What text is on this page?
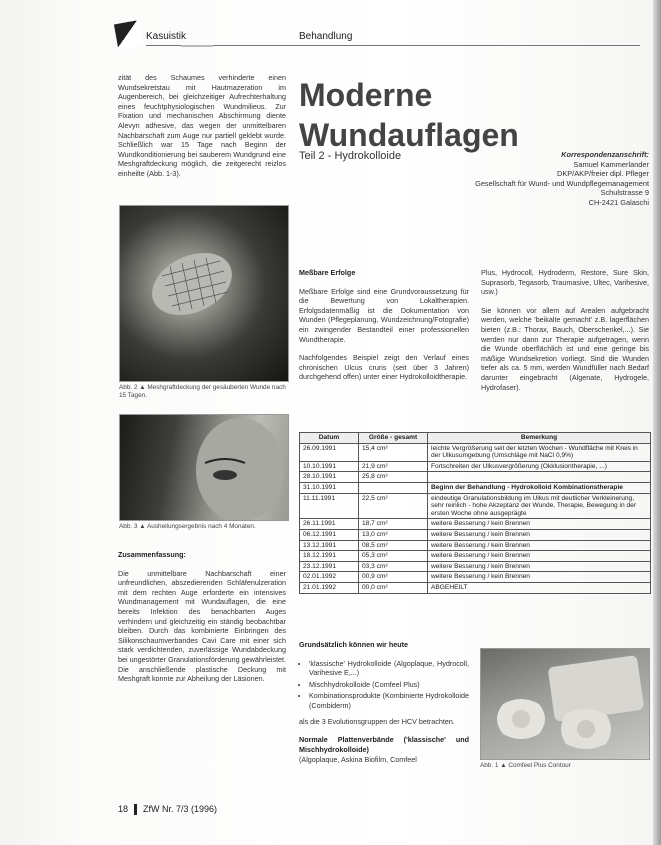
Kasuistik	Behandlung

zität des Schaumes verhinderte einen Wundsekretstau mit Hautmazeration im Augenbereich, bei gleichzeitiger Aufrechterhaltung eines feuchtphysiologischen Wundmilieus. Zur Fixation und mechanischen Abschirmung diente Alevyn adhesive, das wegen der unmittelbaren Nachbarschaft zum Auge nur partiell geklebt wurde. Schließlich war 15 Tage nach Beginn der Wundkonditionierung bei sauberem Wundgrund eine Meshgraftdeckung möglich, die zeitgerecht reizlos einheilte (Abb. 1-3).

Abb. 2 ▲ Meshgraftdeckung der gesäuberten Wunde nach 15 Tagen.
Abb. 3 ▲ Ausheilungsergebnis nach 4 Monaten.

Zusammenfassung:

Die unmittelbare Nachbarschaft einer unfreundlichen, abszedierenden Schläfenulzeration mit dem rechten Auge erforderte ein intensives Wundmanagement mit Wundauflagen, die eine bereits Infektion des benachbarten Auges verhindern und gleichzeitig ein ständig beobachtbar bleiben. Durch das kombinierte Einbringen des Silikonschaumverbandes Cavi Care mit einer sich stark verdichtenden, zuverlässige Wundabdeckung bei ungestörter Granulationsförderung gewährleistet. Die anschließende plastische Deckung mit Meshgraft konnte zur Abheilung der Läsionen.

Moderne
Wundauflagen
Teil 2 - Hydrokolloide	Korrespondenzanschrift:
Samuel Kammerlander
DKP/AKP/freier dipl. Pfleger
Gesellschaft für Wund- und Wundpflegemanagement
Schulstrasse 9
CH-2421 Galaschi

Meßbare Erfolge

Meßbare Erfolge sind eine Grundvoraussetzung für die Bewertung von Lokaltherapien. Erfolgsdatenmäßig ist die Dokumentation von Wunden (Pflegeplanung, Wundzeichnung/Fotografie) ein zwingender Bestandteil einer professionellen Wundtherapie.

Nachfolgendes Beispiel zeigt den Verlauf eines chronischen Ulcus cruris (seit über 3 Jahren) durchgehend offen) unter einer Hydrokolloidtherapie.

Plus, Hydrocoll, Hydroderm, Restore, Sure Skin, Suprasorb, Tegasorb, Traumasive, Ultec, Varihesive, usw.)

Sie können vor allem auf Arealen aufgebracht werden, welche 'beikalte gemacht' z.B. lagerflächen bieten (z.B.: Thorax, Bauch, Oberschenkel,...). Sie werden nur dann zur Therapie aufgetragen, wenn die Wunde oberflächlich ist und eine geringe bis mäßige Wundsekretion vorliegt. Sind die Wunden tiefer als ca. 5 mm, werden Wundfüller nach Bedarf darunter eingebracht (Algenate, Hydrogele, Hydrofaser).

Datum	Größe - gesamt	Bemerkung
26.09.1991	15,4 cm²	leichte Vergrößerung seit der letzten Wochen - Wundfläche mit Kreis in der Ulkusumgebung (Umschläge mit NaCl 0,9%)
10.10.1991	21,9 cm²	Fortschreiten der Ulkusvergrößerung (Okklusiontherapie, ...)
28.10.1991	25,8 cm²	
31.10.1991		Beginn der Behandlung - Hydrokolloid Kombinationstherapie
11.11.1991	22,5 cm²	eindeutige Granulationsbildung im Ulkus mit deutlicher Verkleinerung, sehr reinlich - hohe Akzeptanz der Wunde, Therapie, Bewegung in der ersten Woche ohne ausgeprägte
26.11.1991	18,7 cm²	weitere Besserung / kein Brennen
06.12.1991	13,0 cm²	weitere Besserung / kein Brennen
13.12.1991	08,5 cm²	weitere Besserung / kein Brennen
18.12.1991	05,3 cm²	weitere Besserung / kein Brennen
23.12.1991	03,3 cm²	weitere Besserung / kein Brennen
02.01.1992	00,9 cm²	weitere Besserung / kein Brennen
21.01.1992	00,0 cm²	ABGEHEILT

Grundsätzlich können wir heute

• 'klassische' Hydrokolloide (Algoplaque, Hydrocoll, Varihesive E,...)
• Mischhydrokolloide (Comfeel Plus)
• Kombinationsprodukte (Kombinierte Hydrokolloide (Combiderm)

als die 3 Evolutionsgruppen der HCV betrachten.

Normale Plattenverbände ('klassische' und Mischhydrokolloide)

(Algoplaque, Askina Biofilm, Comfeel

Abb. 1 ▲ Comfeel Plus Contour
18 ZfW Nr. 7/3 (1996)
